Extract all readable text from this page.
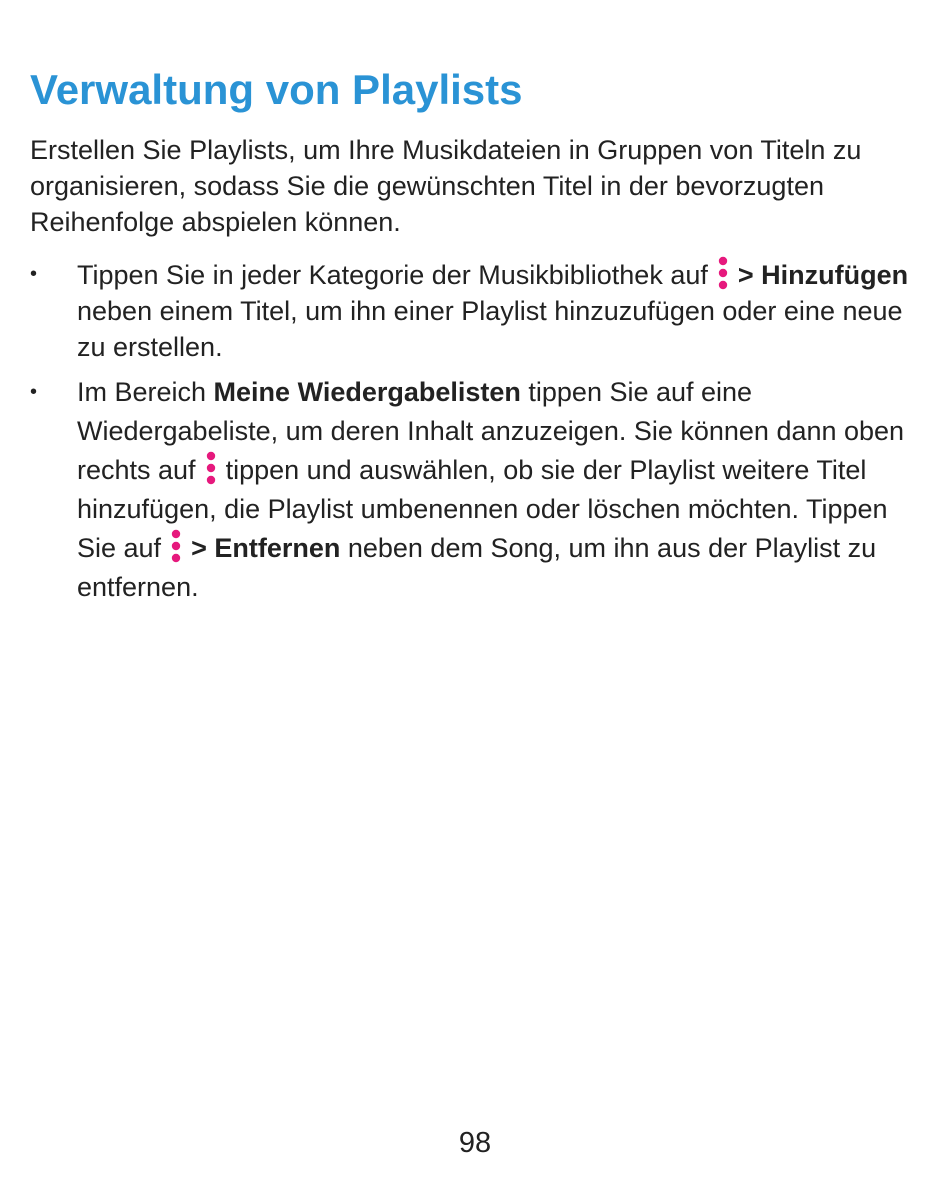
Verwaltung von Playlists

Erstellen Sie Playlists, um Ihre Musikdateien in Gruppen von Titeln zu organisieren, sodass Sie die gewünschten Titel in der bevorzugten Reihenfolge abspielen können.

•	Tippen Sie in jeder Kategorie der Musikbibliothek auf > Hinzufügen neben einem Titel, um ihn einer Playlist hinzuzufügen oder eine neue zu erstellen.
•	Im Bereich Meine Wiedergabelisten tippen Sie auf eine Wiedergabeliste, um deren Inhalt anzuzeigen. Sie können dann oben rechts auf tippen und auswählen, ob sie der Playlist weitere Titel hinzufügen, die Playlist umbenennen oder löschen möchten. Tippen Sie auf > Entfernen neben dem Song, um ihn aus der Playlist zu entfernen.
98
